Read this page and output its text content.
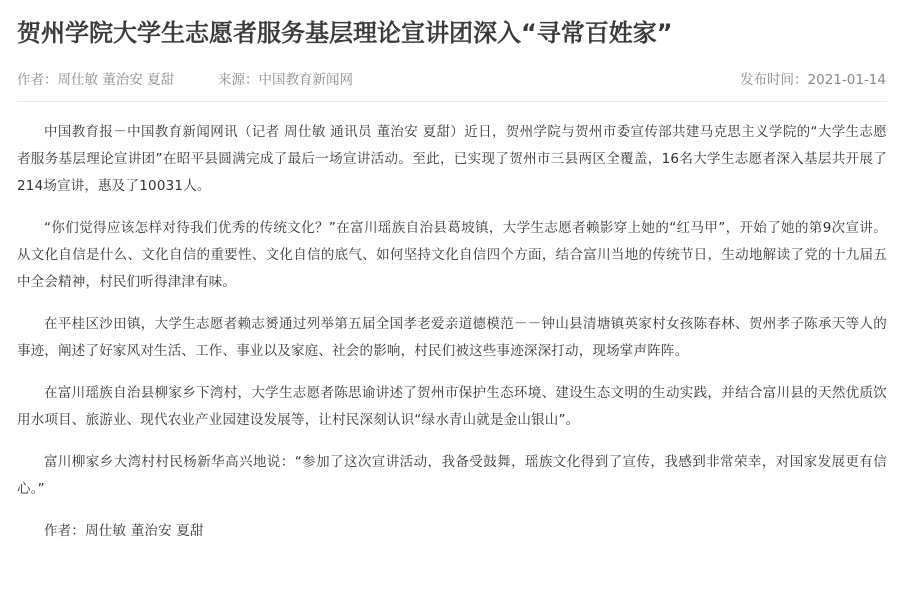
贺州学院大学生志愿者服务基层理论宣讲团深入“寻常百姓家”
作者：周仕敏 董治安 夏甜	来源：中国教育新闻网	发布时间：2021-01-14

中国教育报－中国教育新闻网讯（记者 周仕敏 通讯员 董治安 夏甜）近日，贺州学院与贺州市委宣传部共建马克思主义学院的“大学生志愿者服务基层理论宣讲团”在昭平县圆满完成了最后一场宣讲活动。至此，已实现了贺州市三县两区全覆盖，16名大学生志愿者深入基层共开展了214场宣讲，惠及了10031人。

“你们觉得应该怎样对待我们优秀的传统文化？”在富川瑶族自治县葛坡镇，大学生志愿者赖影穿上她的“红马甲”，开始了她的第9次宣讲。从文化自信是什么、文化自信的重要性、文化自信的底气、如何坚持文化自信四个方面，结合富川当地的传统节日，生动地解读了党的十九届五中全会精神，村民们听得津津有味。

在平桂区沙田镇，大学生志愿者赖志赟通过列举第五届全国孝老爱亲道德模范－－钟山县清塘镇英家村女孩陈春林、贺州孝子陈承天等人的事迹，阐述了好家风对生活、工作、事业以及家庭、社会的影响，村民们被这些事迹深深打动，现场掌声阵阵。

在富川瑶族自治县柳家乡下湾村，大学生志愿者陈思谕讲述了贺州市保护生态环境、建设生态文明的生动实践，并结合富川县的天然优质饮用水项目、旅游业、现代农业产业园建设发展等，让村民深刻认识“绿水青山就是金山银山”。

富川柳家乡大湾村村民杨新华高兴地说：“参加了这次宣讲活动，我备受鼓舞，瑶族文化得到了宣传，我感到非常荣幸，对国家发展更有信心。”

作者：周仕敏 董治安 夏甜
